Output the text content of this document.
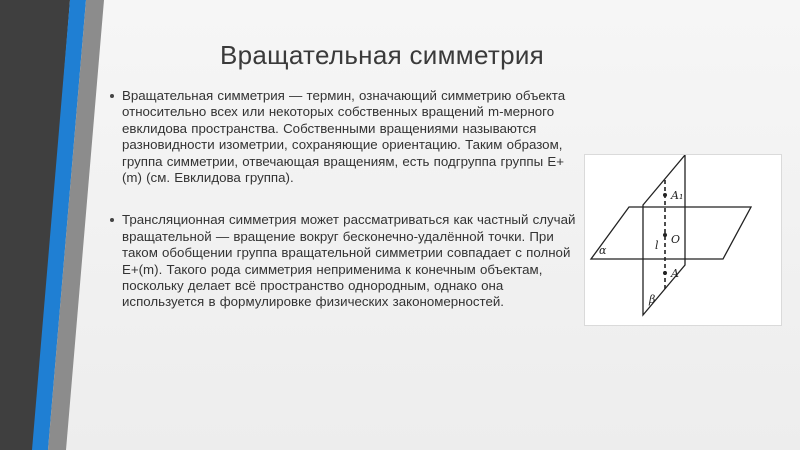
Вращательная симметрия

Вращательная симметрия — термин, означающий симметрию объекта относительно всех или некоторых собственных вращений m-мерного евклидова пространства. Собственными вращениями называются разновидности изометрии, сохраняющие ориентацию. Таким образом, группа симметрии, отвечающая вращениям, есть подгруппа группы E+(m) (см. Евклидова группа).

Трансляционная симметрия может рассматриваться как частный случай вращательной — вращение вокруг бесконечно-удалённой точки. При таком обобщении группа вращательной симметрии совпадает с полной E+(m). Такого рода симметрия неприменима к конечным объектам, поскольку делает всё пространство однородным, однако она используется в формулировке физических закономерностей.

A₁
O
A
l
α
β
